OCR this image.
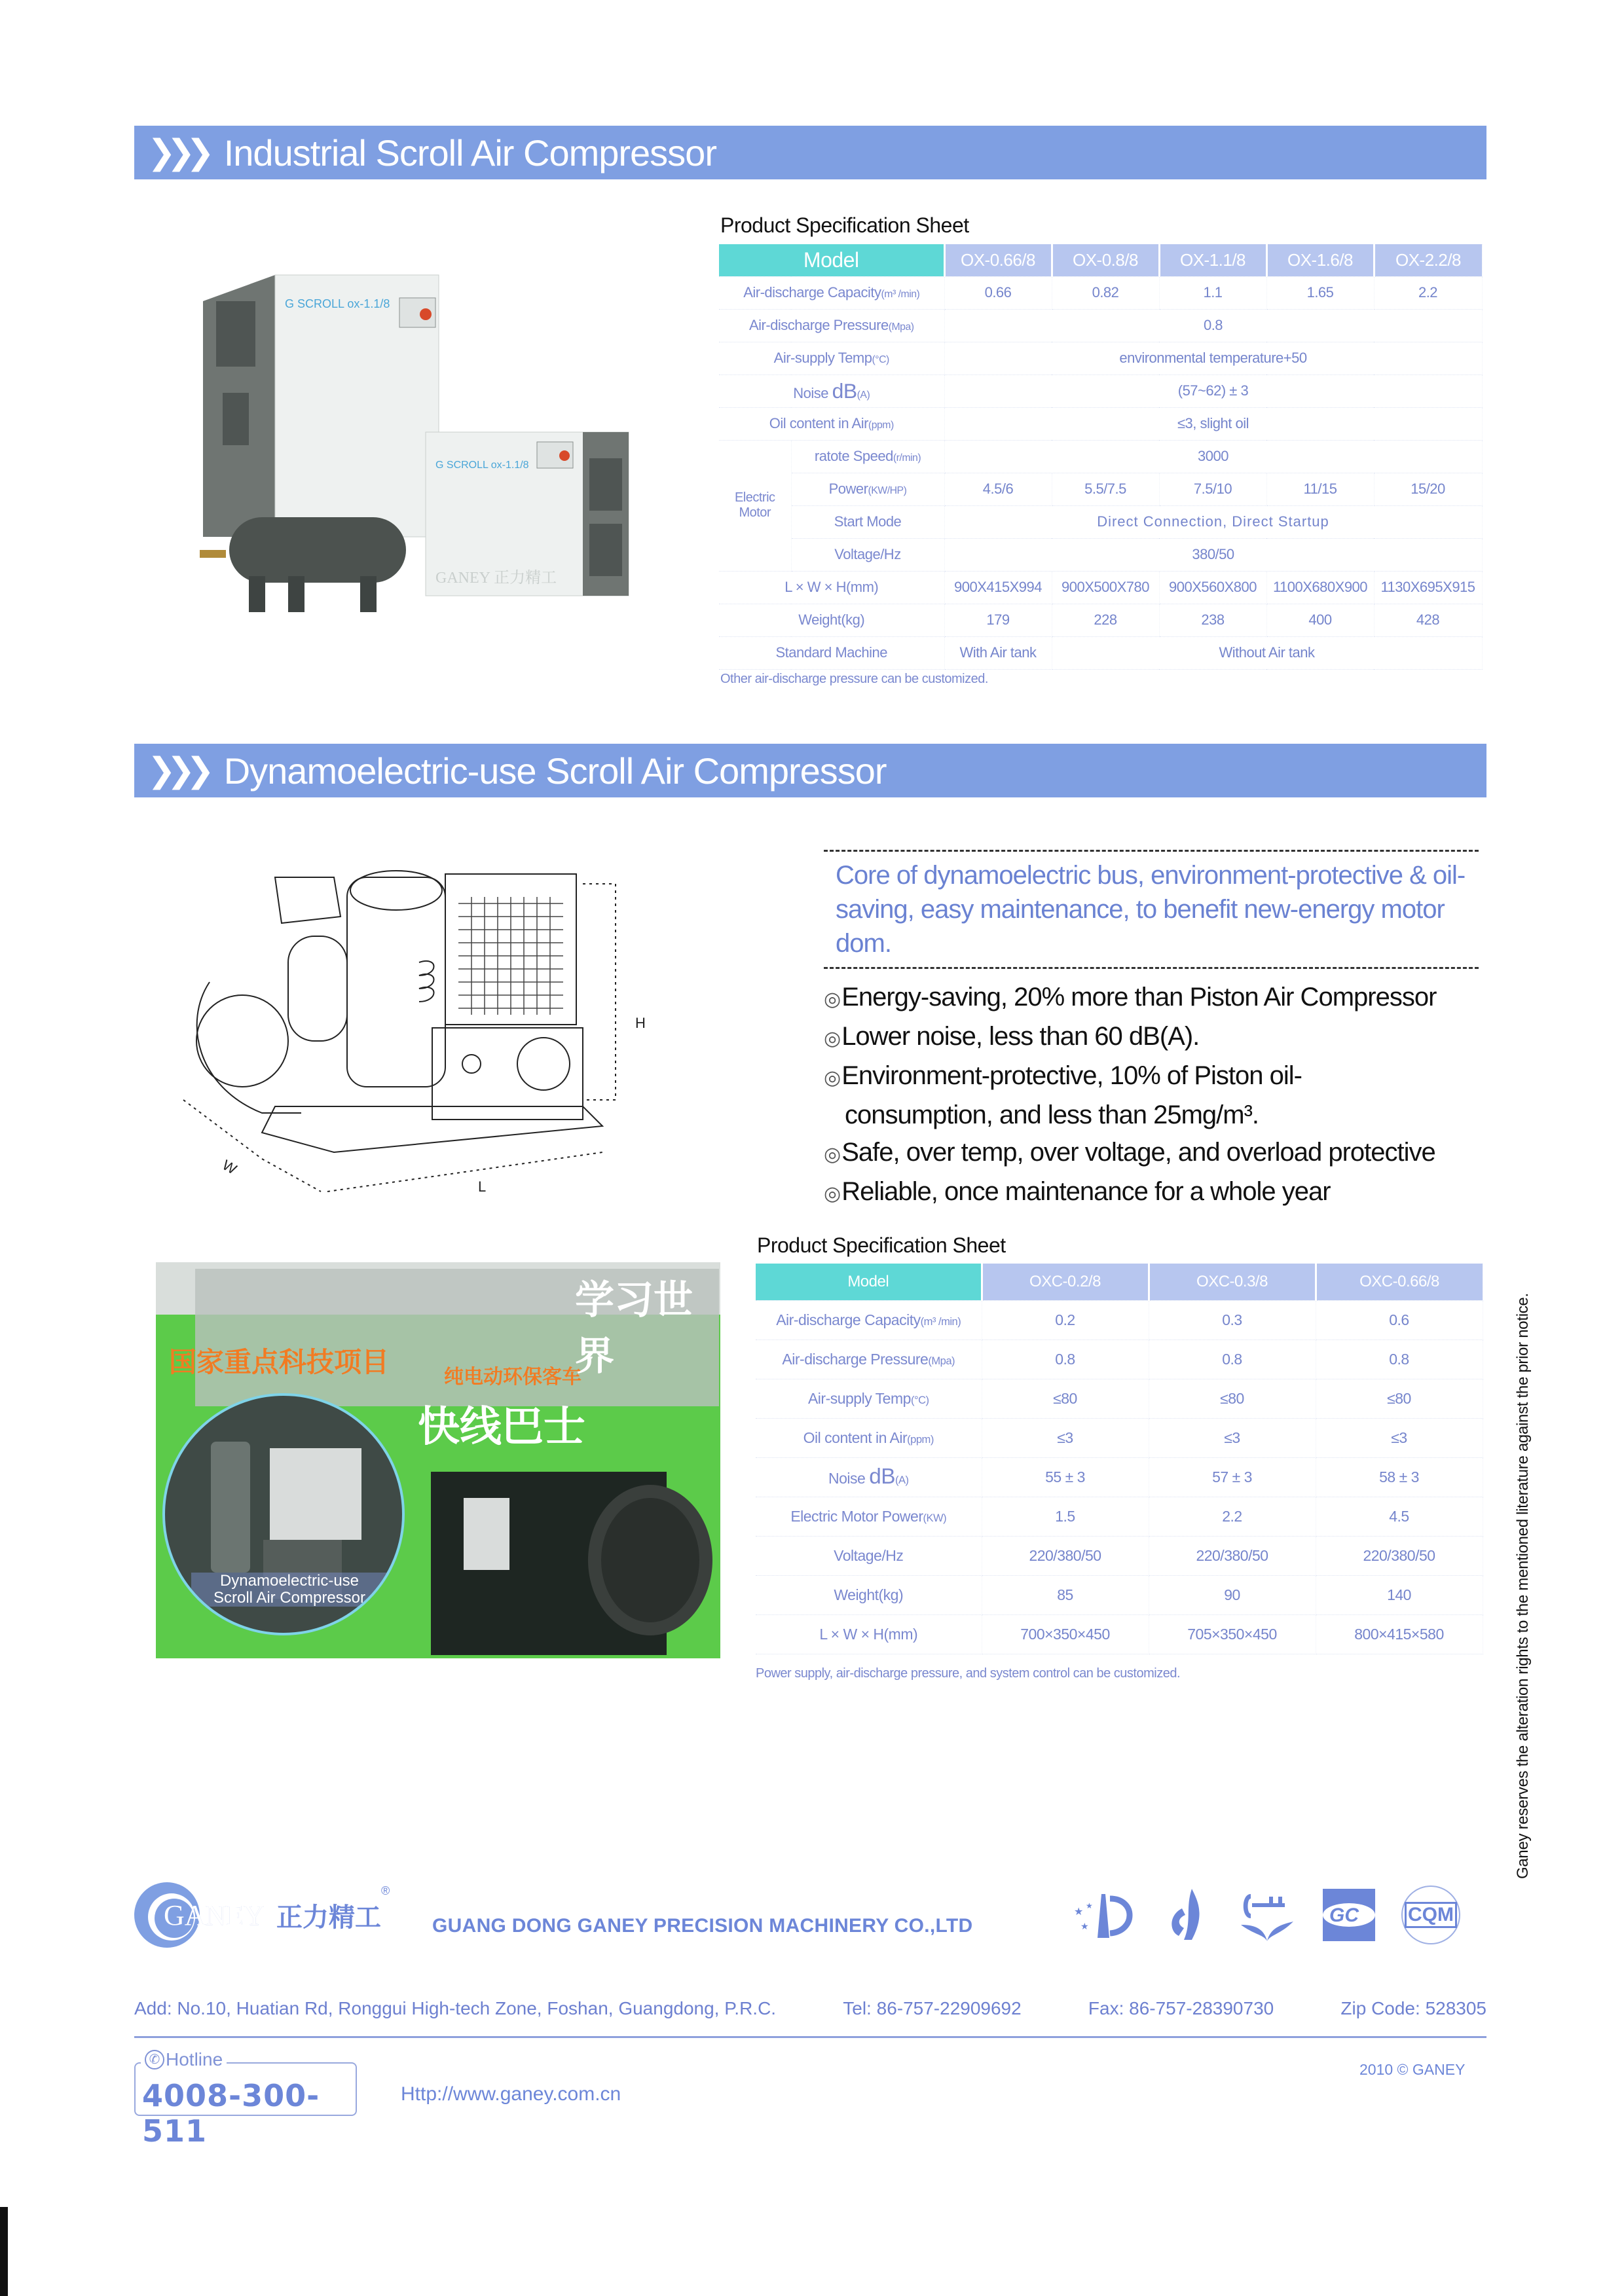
❯❯❯ Industrial Scroll Air Compressor
G SCROLL ox-1.1/8
G SCROLL ox-1.1/8
GANEY 正力精工
Product Specification Sheet
Model		OX-0.66/8	OX-0.8/8	OX-1.1/8	OX-1.6/8	OX-2.2/8
Air-discharge Capacity(m³ /min)		0.66	0.82	1.1	1.65	2.2
Air-discharge Pressure(Mpa)		0.8				
Air-supply Temp(°C)		environmental temperature+50				
Noise dB(A)		(57~62) ± 3				
Oil content in Air(ppm)		≤3, slight oil				
Electric Motor	ratote Speed(r/min)	3000				
	Power(KW/HP)	4.5/6	5.5/7.5	7.5/10	11/15	15/20
	Start Mode	Direct Connection, Direct Startup				
	Voltage/Hz	380/50				
L × W × H(mm)		900X415X994	900X500X780	900X560X800	1100X680X900	1130X695X915
Weight(kg)		179	228	238	400	428
Standard Machine		With Air tank	Without Air tank			
Other air-discharge pressure can be customized.
❯❯❯ Dynamoelectric-use Scroll Air Compressor
H
W
L
Core of dynamoelectric bus, environment-protective & oil-saving, easy maintenance, to benefit new-energy motor dom.
◎Energy-saving, 20% more than Piston Air Compressor
◎Lower noise, less than 60 dB(A).
◎Environment-protective, 10% of Piston oil-
consumption, and less than 25mg/m³.
◎Safe, over temp, over voltage, and overload protective
◎Reliable, once maintenance for a whole year
学习世界
国家重点科技项目	纯电动环保客车
快线巴士
Dynamoelectric-use
Scroll Air Compressor
Product Specification Sheet
Model	OXC-0.2/8	OXC-0.3/8	OXC-0.66/8
Air-discharge Capacity(m³ /min)	0.2	0.3	0.6
Air-discharge Pressure(Mpa)	0.8	0.8	0.8
Air-supply Temp(°C)	≤80	≤80	≤80
Oil content in Air(ppm)	≤3	≤3	≤3
Noise dB(A)	55 ± 3	57 ± 3	58 ± 3
Electric Motor Power(KW)	1.5	2.2	4.5
Voltage/Hz	220/380/50	220/380/50	220/380/50
Weight(kg)	85	90	140
L × W × H(mm)	700×350×450	705×350×450	800×415×580
Power supply, air-discharge pressure, and system control can be customized.	Ganey reserves the alteration rights to the mentioned literature against the prior notice.
GANEY 正力精工
®
GUANG DONG GANEY PRECISION MACHINERY CO.,LTD
★
★
★	GC	CQM
Add: No.10, Huatian Rd, Ronggui High-tech Zone, Foshan, Guangdong, P.R.C.	Tel: 86-757-22909692	Fax: 86-757-28390730	Zip Code: 528305
✆ Hotline
4008-300-511
Http://www.ganey.com.cn
2010 © GANEY
